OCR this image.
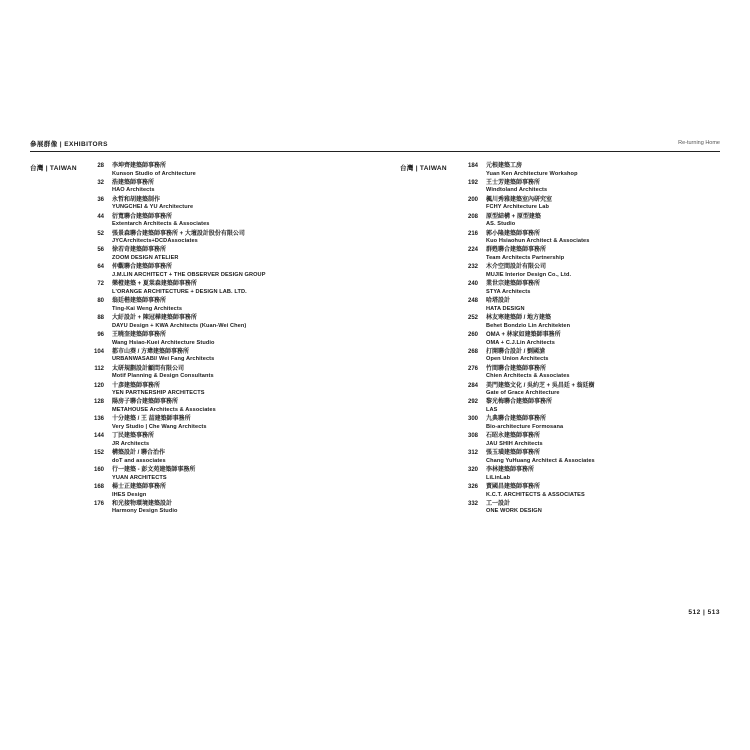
參展群像 | EXHIBITORS	Re-turning Home
台灣 | TAIWAN	台灣 | TAIWAN
28 李坤齊建築師事務所
Kunson Studio of Architecture
32 浩建築師事務所
HAO Architects
36 永哲和胡建築制作
YUNGCHEI & YU Architecture
44 衍寬聯合建築師事務所
Extentarch Architects & Associates
52 張景森聯合建築師事務所 + 大壇設計股份有限公司
JYCArchitects+DCDAssociates
56 徐若奇建築師事務所
ZOOM DESIGN ATELIER
64 仲觀聯合建築師事務所
J.M.LIN ARCHITECT + THE OBSERVER DESIGN GROUP
72 樂橙建築 + 夏棠森建築師事務所
L'ORANGE ARCHITECTURE + DESIGN LAB. LTD.
80 翁廷楷建築師事務所
Ting-Kai Weng Architects
88 大紆設計 + 陳冠樺建築師事務所
DAYU Design + KWA Architects (Kuan-Wei Chen)
96 王曉奎建築師事務所
Wang Hsiao-Kuei Architecture Studio
104 都市山葵 / 方瑋建築師事務所
URBANWASABI/ Wei Fang Architects
112 太研規劃設計顧問有限公司
Motif Planning & Design Consultants
120 十彥建築師事務所
YEN PARTNERSHIP ARCHITECTS
128 陽房子聯合建築師事務所
METAHOUSE Architects & Associates
136 十分建築 / 王 喆建築師事務所
Very Studio | Che Wang Architects
144 丁民建築事務所
JR Architects
152 構築設計 / 聯合治作
doT and associates
160 行一建築 - 彭文苑建築師事務所
YUAN ARCHITECTS
168 楊士正建築師事務所
IHES Design
176 和光接物環境建築設計
Harmony Design Studio
184 元根建築工房
Yuan Ken Architecture Workshop
192 王士芳建築師事務所
Windtoland Architects
200 楓川秀雅建築室內研究室
FCHY Architecture Lab
208 原型結構 + 原型建築
AS. Studio
216 郭小隆建築師事務所
Kuo Hsiaohun Architect & Associates
224 群甦聯合建築師事務所
Team Architects Partnership
232 木介空間設計有限公司
MUJIE Interior Design Co., Ltd.
240 業世宗建築師事務所
STYA Architects
248 哈塔設計
HATA DESIGN
252 林友寒建築師 / 地方建築
Behet Bondzio Lin Architekten
260 OMA + 林家如建築師事務所
OMA + C.J.Lin Architects
268 打開聯合設計 / 劉國滄
Open Union Architects
276 竹間聯合建築師事務所
Chien Architects & Associates
284 美門建築文化 / 吳約芝 + 吳昌廷 + 翁廷樹
Gate of Grace Architecture
292 黎光梅聯合建築師事務所
LAS
300 九典聯合建築師事務所
Bio-architecture Formosana
308 石昭永建築師事務所
JAU SHIH Architects
312 張玉璜建築師事務所
Chang YuHuang Architect & Associates
320 李林建築師事務所
LiLinLab
326 賣國昌建築師事務所
K.C.T. ARCHITECTS & ASSOCIATES
332 工一設計
ONE WORK DESIGN
512 | 513
